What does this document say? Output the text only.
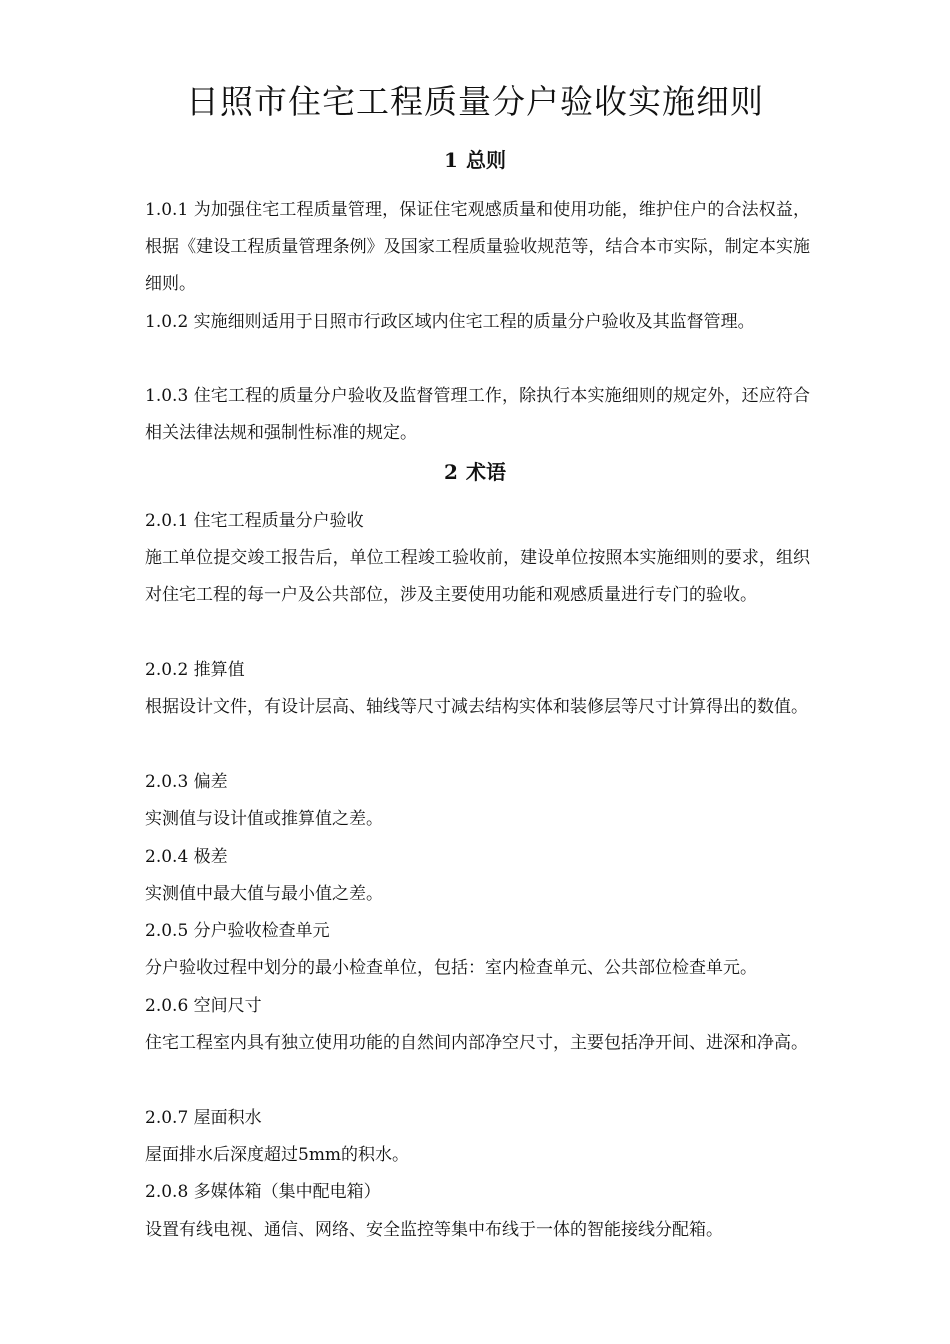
日照市住宅工程质量分户验收实施细则
1 总则

1.0.1 为加强住宅工程质量管理，保证住宅观感质量和使用功能，维护住户的合法权益，根据《建设工程质量管理条例》及国家工程质量验收规范等，结合本市实际，制定本实施细则。

1.0.2 实施细则适用于日照市行政区域内住宅工程的质量分户验收及其监督管理。

1.0.3 住宅工程的质量分户验收及监督管理工作，除执行本实施细则的规定外，还应符合相关法律法规和强制性标准的规定。

2 术语

2.0.1 住宅工程质量分户验收

施工单位提交竣工报告后，单位工程竣工验收前，建设单位按照本实施细则的要求，组织对住宅工程的每一户及公共部位，涉及主要使用功能和观感质量进行专门的验收。

2.0.2 推算值

根据设计文件，有设计层高、轴线等尺寸减去结构实体和装修层等尺寸计算得出的数值。

2.0.3 偏差

实测值与设计值或推算值之差。

2.0.4 极差

实测值中最大值与最小值之差。

2.0.5 分户验收检查单元

分户验收过程中划分的最小检查单位，包括：室内检查单元、公共部位检查单元。

2.0.6 空间尺寸

住宅工程室内具有独立使用功能的自然间内部净空尺寸，主要包括净开间、进深和净高。

2.0.7 屋面积水

屋面排水后深度超过5mm的积水。

2.0.8 多媒体箱（集中配电箱）

设置有线电视、通信、网络、安全监控等集中布线于一体的智能接线分配箱。
